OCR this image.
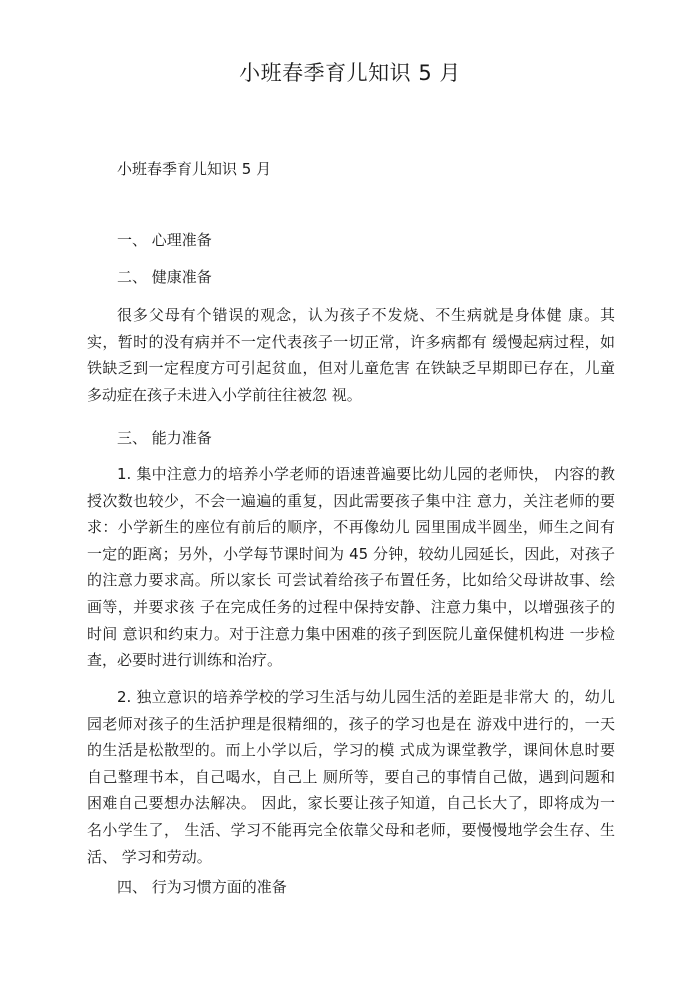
小班春季育儿知识 5 月
小班春季育儿知识 5 月
一、 心理准备
二、 健康准备
很多父母有个错误的观念，认为孩子不发烧、不生病就是身体健 康。其实，暂时的没有病并不一定代表孩子一切正常，许多病都有 缓慢起病过程，如铁缺乏到一定程度方可引起贫血，但对儿童危害 在铁缺乏早期即已存在，儿童多动症在孩子未进入小学前往往被忽 视。
三、 能力准备
1. 集中注意力的培养小学老师的语速普遍要比幼儿园的老师快， 内容的教授次数也较少，不会一遍遍的重复，因此需要孩子集中注 意力，关注老师的要求：小学新生的座位有前后的顺序，不再像幼儿 园里围成半圆坐，师生之间有一定的距离；另外，小学每节课时间为 45 分钟，较幼儿园延长，因此，对孩子的注意力要求高。所以家长 可尝试着给孩子布置任务，比如给父母讲故事、绘画等，并要求孩 子在完成任务的过程中保持安静、注意力集中，以增强孩子的时间 意识和约束力。对于注意力集中困难的孩子到医院儿童保健机构进 一步检查，必要时进行训练和治疗。
2. 独立意识的培养学校的学习生活与幼儿园生活的差距是非常大 的，幼儿园老师对孩子的生活护理是很精细的，孩子的学习也是在 游戏中进行的，一天的生活是松散型的。而上小学以后，学习的模 式成为课堂教学，课间休息时要自己整理书本，自己喝水，自己上 厕所等，要自己的事情自己做，遇到问题和困难自己要想办法解决。 因此，家长要让孩子知道，自己长大了，即将成为一名小学生了， 生活、学习不能再完全依靠父母和老师，要慢慢地学会生存、生活、 学习和劳动。
四、 行为习惯方面的准备
